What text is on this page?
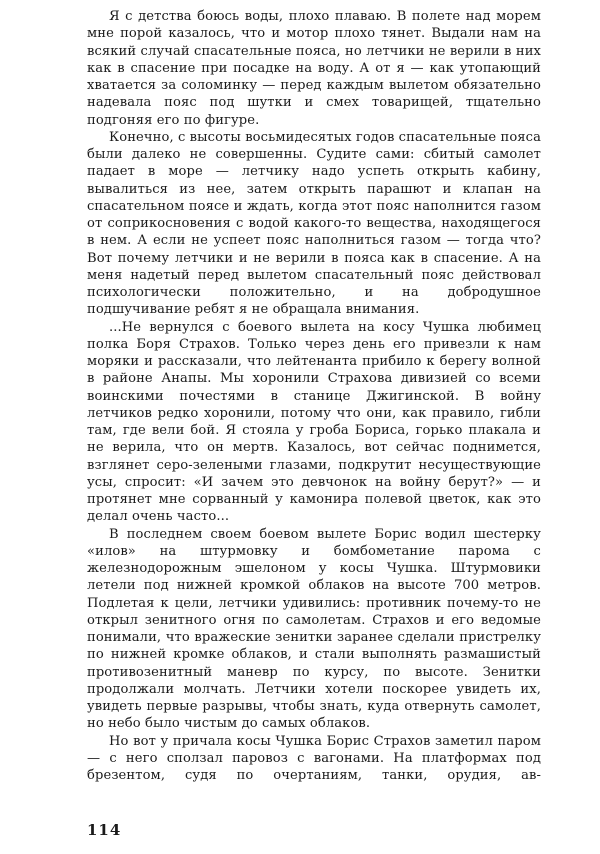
Я с детства боюсь воды, плохо плаваю. В полете над морем мне порой казалось, что и мотор плохо тянет. Выдали нам на всякий случай спасательные пояса, но летчики не верили в них как в спасение при посадке на воду. А от я — как утопающий хватается за соломинку — перед каждым вылетом обязательно надевала пояс под шутки и смех товарищей, тщательно подгоняя его по фигуре.

Конечно, с высоты восьмидесятых годов спасательные пояса были далеко не совершенны. Судите сами: сбитый самолет падает в море — летчику надо успеть открыть кабину, вывалиться из нее, затем открыть парашют и клапан на спасательном поясе и ждать, когда этот пояс наполнится газом от соприкосновения с водой какого-то вещества, находящегося в нем. А если не успеет пояс наполниться газом — тогда что? Вот почему летчики и не верили в пояса как в спасение. А на меня надетый перед вылетом спасательный пояс действовал психологически положительно, и на добродушное подшучивание ребят я не обращала внимания.

...Не вернулся с боевого вылета на косу Чушка любимец полка Боря Страхов. Только через день его привезли к нам моряки и рассказали, что лейтенанта прибило к берегу волной в районе Анапы. Мы хоронили Страхова дивизией со всеми воинскими почестями в станице Джигинской. В войну летчиков редко хоронили, потому что они, как правило, гибли там, где вели бой. Я стояла у гроба Бориса, горько плакала и не верила, что он мертв. Казалось, вот сейчас поднимется, взглянет серо-зелеными глазами, подкрутит несуществующие усы, спросит: «И зачем это девчонок на войну берут?» — и протянет мне сорванный у камонира полевой цветок, как это делал очень часто...

В последнем своем боевом вылете Борис водил шестерку «илов» на штурмовку и бомбометание парома с железнодорожным эшелоном у косы Чушка. Штурмовики летели под нижней кромкой облаков на высоте 700 метров. Подлетая к цели, летчики удивились: противник почему-то не открыл зенитного огня по самолетам. Страхов и его ведомые понимали, что вражеские зенитки заранее сделали пристрелку по нижней кромке облаков, и стали выполнять размашистый противозенитный маневр по курсу, по высоте. Зенитки продолжали молчать. Летчики хотели поскорее увидеть их, увидеть первые разрывы, чтобы знать, куда отвернуть самолет, но небо было чистым до самых облаков.

Но вот у причала косы Чушка Борис Страхов заметил паром — с него сползал паровоз с вагонами. На платформах под брезентом, судя по очертаниям, танки, орудия, ав-

114
